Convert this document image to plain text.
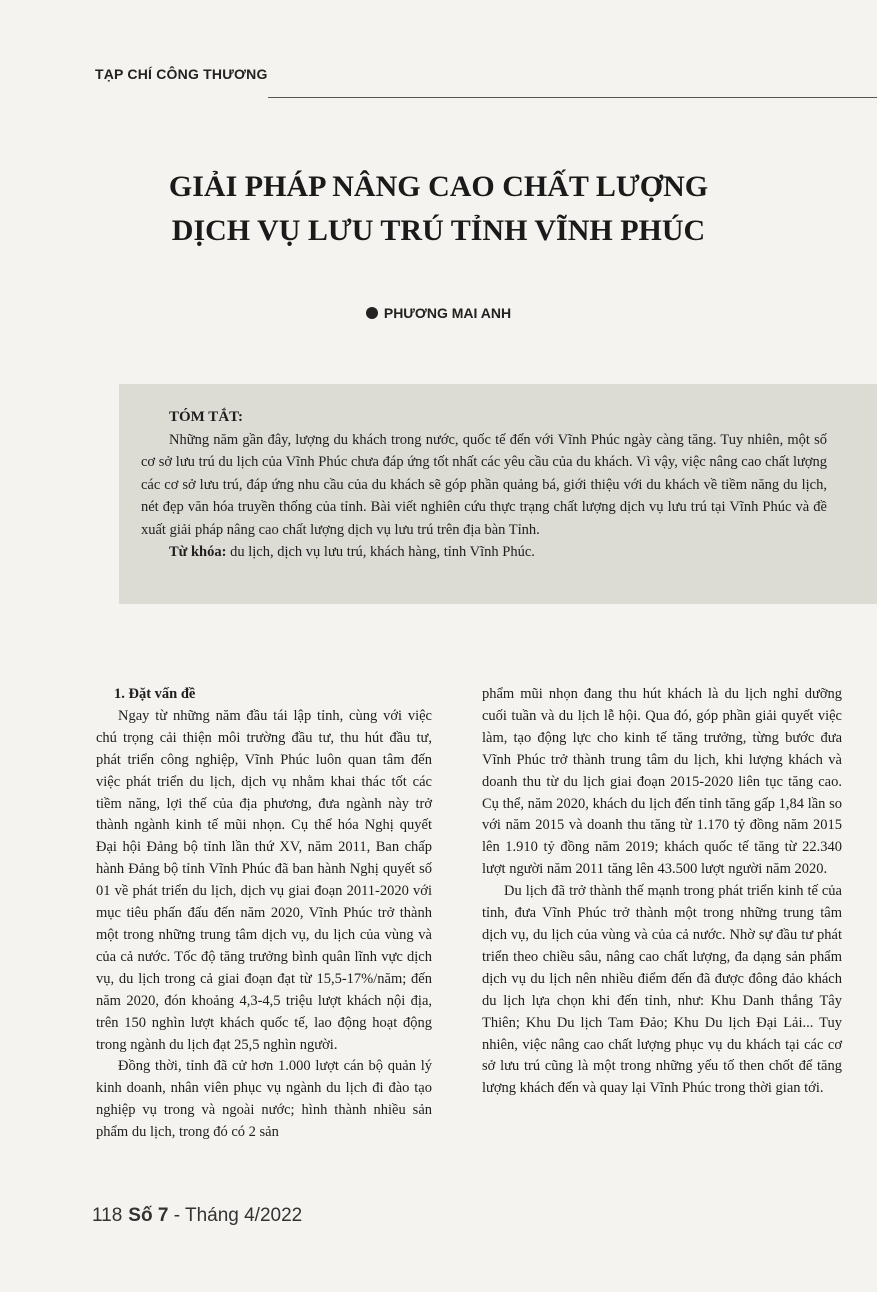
TẠP CHÍ CÔNG THƯƠNG
GIẢI PHÁP NÂNG CAO CHẤT LƯỢNG
DỊCH VỤ LƯU TRÚ TỈNH VĨNH PHÚC
PHƯƠNG MAI ANH
TÓM TẮT:

Những năm gần đây, lượng du khách trong nước, quốc tế đến với Vĩnh Phúc ngày càng tăng. Tuy nhiên, một số cơ sở lưu trú du lịch của Vĩnh Phúc chưa đáp ứng tốt nhất các yêu cầu của du khách. Vì vậy, việc nâng cao chất lượng các cơ sở lưu trú, đáp ứng nhu cầu của du khách sẽ góp phần quảng bá, giới thiệu với du khách về tiềm năng du lịch, nét đẹp văn hóa truyền thống của tỉnh. Bài viết nghiên cứu thực trạng chất lượng dịch vụ lưu trú tại Vĩnh Phúc và đề xuất giải pháp nâng cao chất lượng dịch vụ lưu trú trên địa bàn Tỉnh.

Từ khóa: du lịch, dịch vụ lưu trú, khách hàng, tỉnh Vĩnh Phúc.

1. Đặt vấn đề

Ngay từ những năm đầu tái lập tỉnh, cùng với việc chú trọng cải thiện môi trường đầu tư, thu hút đầu tư, phát triển công nghiệp, Vĩnh Phúc luôn quan tâm đến việc phát triển du lịch, dịch vụ nhằm khai thác tốt các tiềm năng, lợi thế của địa phương, đưa ngành này trở thành ngành kinh tế mũi nhọn. Cụ thể hóa Nghị quyết Đại hội Đảng bộ tỉnh lần thứ XV, năm 2011, Ban chấp hành Đảng bộ tỉnh Vĩnh Phúc đã ban hành Nghị quyết số 01 về phát triển du lịch, dịch vụ giai đoạn 2011-2020 với mục tiêu phấn đấu đến năm 2020, Vĩnh Phúc trở thành một trong những trung tâm dịch vụ, du lịch của vùng và của cả nước. Tốc độ tăng trưởng bình quân lĩnh vực dịch vụ, du lịch trong cả giai đoạn đạt từ 15,5-17%/năm; đến năm 2020, đón khoảng 4,3-4,5 triệu lượt khách nội địa, trên 150 nghìn lượt khách quốc tế, lao động hoạt động trong ngành du lịch đạt 25,5 nghìn người.

Đồng thời, tỉnh đã cử hơn 1.000 lượt cán bộ quản lý kinh doanh, nhân viên phục vụ ngành du lịch đi đào tạo nghiệp vụ trong và ngoài nước; hình thành nhiều sản phẩm du lịch, trong đó có 2 sản

phẩm mũi nhọn đang thu hút khách là du lịch nghỉ dưỡng cuối tuần và du lịch lễ hội. Qua đó, góp phần giải quyết việc làm, tạo động lực cho kinh tế tăng trưởng, từng bước đưa Vĩnh Phúc trở thành trung tâm du lịch, khi lượng khách và doanh thu từ du lịch giai đoạn 2015-2020 liên tục tăng cao. Cụ thể, năm 2020, khách du lịch đến tỉnh tăng gấp 1,84 lần so với năm 2015 và doanh thu tăng từ 1.170 tỷ đồng năm 2015 lên 1.910 tỷ đồng năm 2019; khách quốc tế tăng từ 22.340 lượt người năm 2011 tăng lên 43.500 lượt người năm 2020.

Du lịch đã trở thành thế mạnh trong phát triển kinh tế của tỉnh, đưa Vĩnh Phúc trở thành một trong những trung tâm dịch vụ, du lịch của vùng và của cả nước. Nhờ sự đầu tư phát triển theo chiều sâu, nâng cao chất lượng, đa dạng sản phẩm dịch vụ du lịch nên nhiều điểm đến đã được đông đảo khách du lịch lựa chọn khi đến tỉnh, như: Khu Danh thắng Tây Thiên; Khu Du lịch Tam Đảo; Khu Du lịch Đại Lải... Tuy nhiên, việc nâng cao chất lượng phục vụ du khách tại các cơ sở lưu trú cũng là một trong những yếu tố then chốt để tăng lượng khách đến và quay lại Vĩnh Phúc trong thời gian tới.

118 Số 7 - Tháng 4/2022
